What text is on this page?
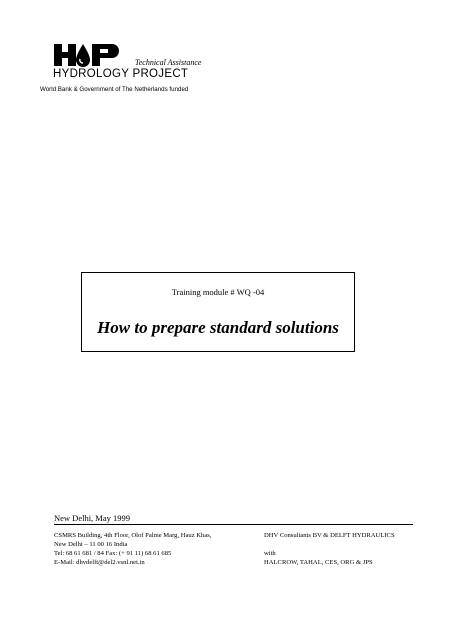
Technical Assistance
HYDROLOGY PROJECT
World Bank & Government of The Netherlands funded
Training module # WQ -04
How to prepare standard solutions
New Delhi, May 1999
CSMRS Building, 4th Floor, Olof Palme Marg, Hauz Khas,
New Delhi – 11 00 16 India
Tel: 68 61 681 / 84 Fax: (+ 91 11) 68 61 685
E-Mail: dhvdelft@del2.vsnl.net.in
DHV Consultants BV & DELFT HYDRAULICS

with
HALCROW, TAHAL, CES, ORG & JPS
